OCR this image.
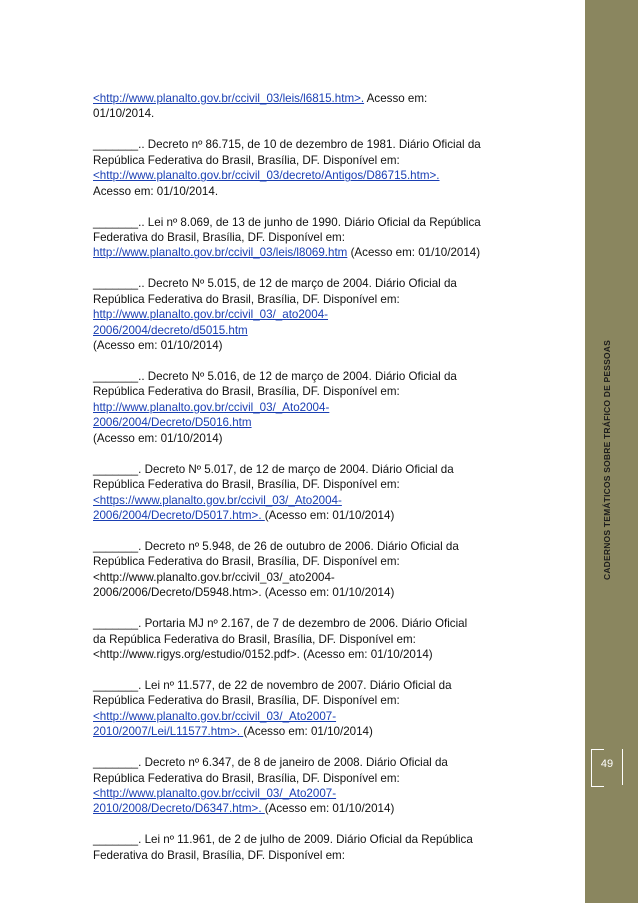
<http://www.planalto.gov.br/ccivil_03/leis/l6815.htm>. Acesso em:
01/10/2014.
_______.. Decreto nº 86.715, de 10 de dezembro de 1981. Diário Oficial da
República Federativa do Brasil, Brasília, DF. Disponível em:
<http://www.planalto.gov.br/ccivil_03/decreto/Antigos/D86715.htm>.
Acesso em: 01/10/2014.
_______.. Lei nº 8.069, de 13 de junho de 1990. Diário Oficial da República
Federativa do Brasil, Brasília, DF. Disponível em:
http://www.planalto.gov.br/ccivil_03/leis/l8069.htm (Acesso em: 01/10/2014)
_______.. Decreto Nº 5.015, de 12 de março de 2004. Diário Oficial da
República Federativa do Brasil, Brasília, DF. Disponível em:
http://www.planalto.gov.br/ccivil_03/_ato2004-
2006/2004/decreto/d5015.htm
(Acesso em: 01/10/2014)
_______.. Decreto Nº 5.016, de 12 de março de 2004. Diário Oficial da
República Federativa do Brasil, Brasília, DF. Disponível em:
http://www.planalto.gov.br/ccivil_03/_Ato2004-
2006/2004/Decreto/D5016.htm
(Acesso em: 01/10/2014)
_______. Decreto Nº 5.017, de 12 de março de 2004. Diário Oficial da
República Federativa do Brasil, Brasília, DF. Disponível em:
<https://www.planalto.gov.br/ccivil_03/_Ato2004-
2006/2004/Decreto/D5017.htm>. (Acesso em: 01/10/2014)
_______. Decreto nº 5.948, de 26 de outubro de 2006. Diário Oficial da
República Federativa do Brasil, Brasília, DF. Disponível em:
<http://www.planalto.gov.br/ccivil_03/_ato2004-
2006/2006/Decreto/D5948.htm>. (Acesso em: 01/10/2014)
_______. Portaria MJ nº 2.167, de 7 de dezembro de 2006. Diário Oficial
da República Federativa do Brasil, Brasília, DF. Disponível em:
<http://www.rigys.org/estudio/0152.pdf>. (Acesso em: 01/10/2014)
_______. Lei nº 11.577, de 22 de novembro de 2007. Diário Oficial da
República Federativa do Brasil, Brasília, DF. Disponível em:
<http://www.planalto.gov.br/ccivil_03/_Ato2007-
2010/2007/Lei/L11577.htm>. (Acesso em: 01/10/2014)
_______. Decreto nº 6.347, de 8 de janeiro de 2008. Diário Oficial da
República Federativa do Brasil, Brasília, DF. Disponível em:
<http://www.planalto.gov.br/ccivil_03/_Ato2007-
2010/2008/Decreto/D6347.htm>. (Acesso em: 01/10/2014)
_______. Lei nº 11.961, de 2 de julho de 2009. Diário Oficial da República
Federativa do Brasil, Brasília, DF. Disponível em:
CADERNOS TEMÁTICOS SOBRE TRÁFICO DE PESSOAS
49
